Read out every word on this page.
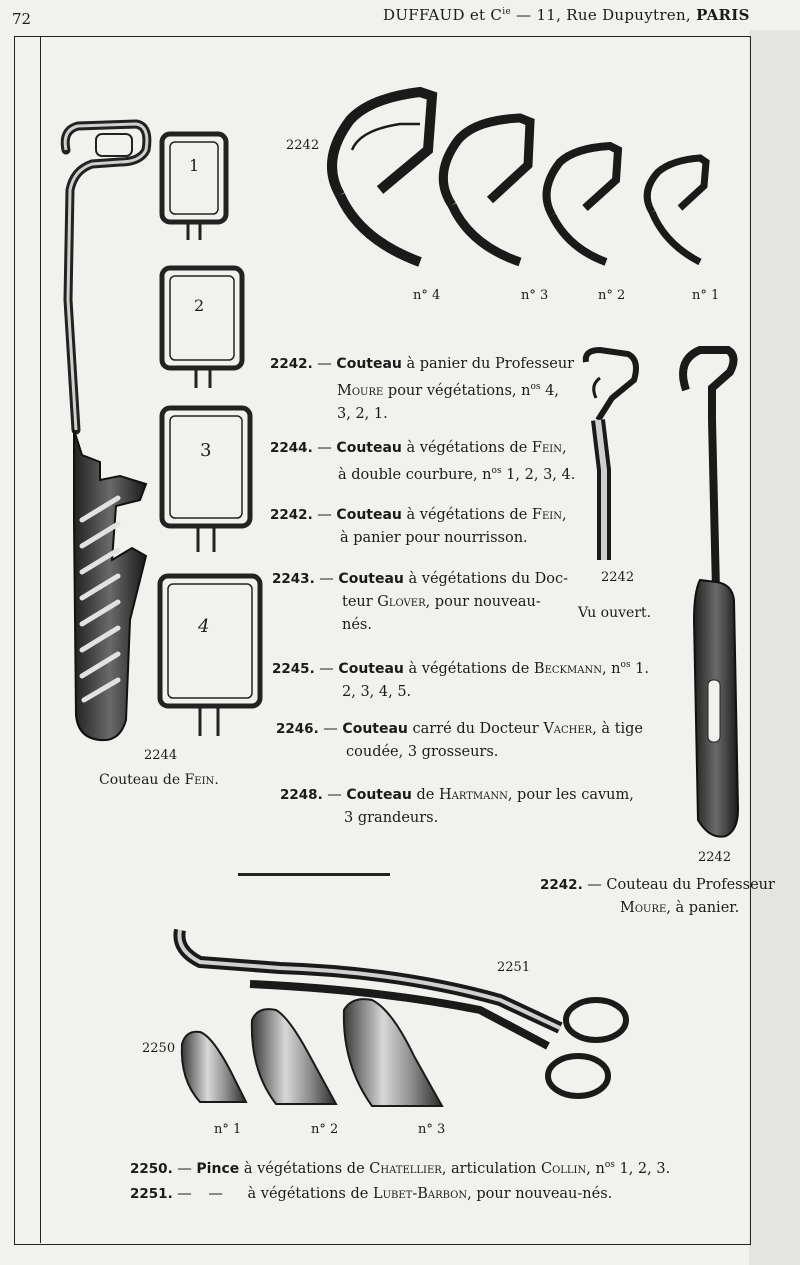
72	DUFFAUD et $C^{ie}$ — 11, Rue Dupuytren, PARIS
2244
Couteau de Fein.
1
2
3
4
2242
n° 4	n° 3	n° 2	n° 1
2242
Vu ouvert.
2242
2251
2250
n° 1	n° 2	n° 3
2242. — Couteau à panier du Professeur
Moure pour végétations, $n^{os}$ 4,
3, 2, 1.
2244. — Couteau à végétations de Fein,
à double courbure, $n^{os}$ 1, 2, 3, 4.
2242. — Couteau à végétations de Fein,
à panier pour nourrisson.
2243. — Couteau à végétations du Doc-
teur Glover, pour nouveau-
nés.
2245. — Couteau à végétations de Beckmann, $n^{os}$ 1.
2, 3, 4, 5.
2246. — Couteau carré du Docteur Vacher, à tige
coudée, 3 grosseurs.
2248. — Couteau de Hartmann, pour les cavum,
3 grandeurs.
2242. — Couteau du Professeur
Moure, à panier.
2250. — Pince à végétations de Chatellier, articulation Collin, $n^{os}$ 1, 2, 3.
2251. — — à végétations de Lubet-Barbon, pour nouveau-nés.
